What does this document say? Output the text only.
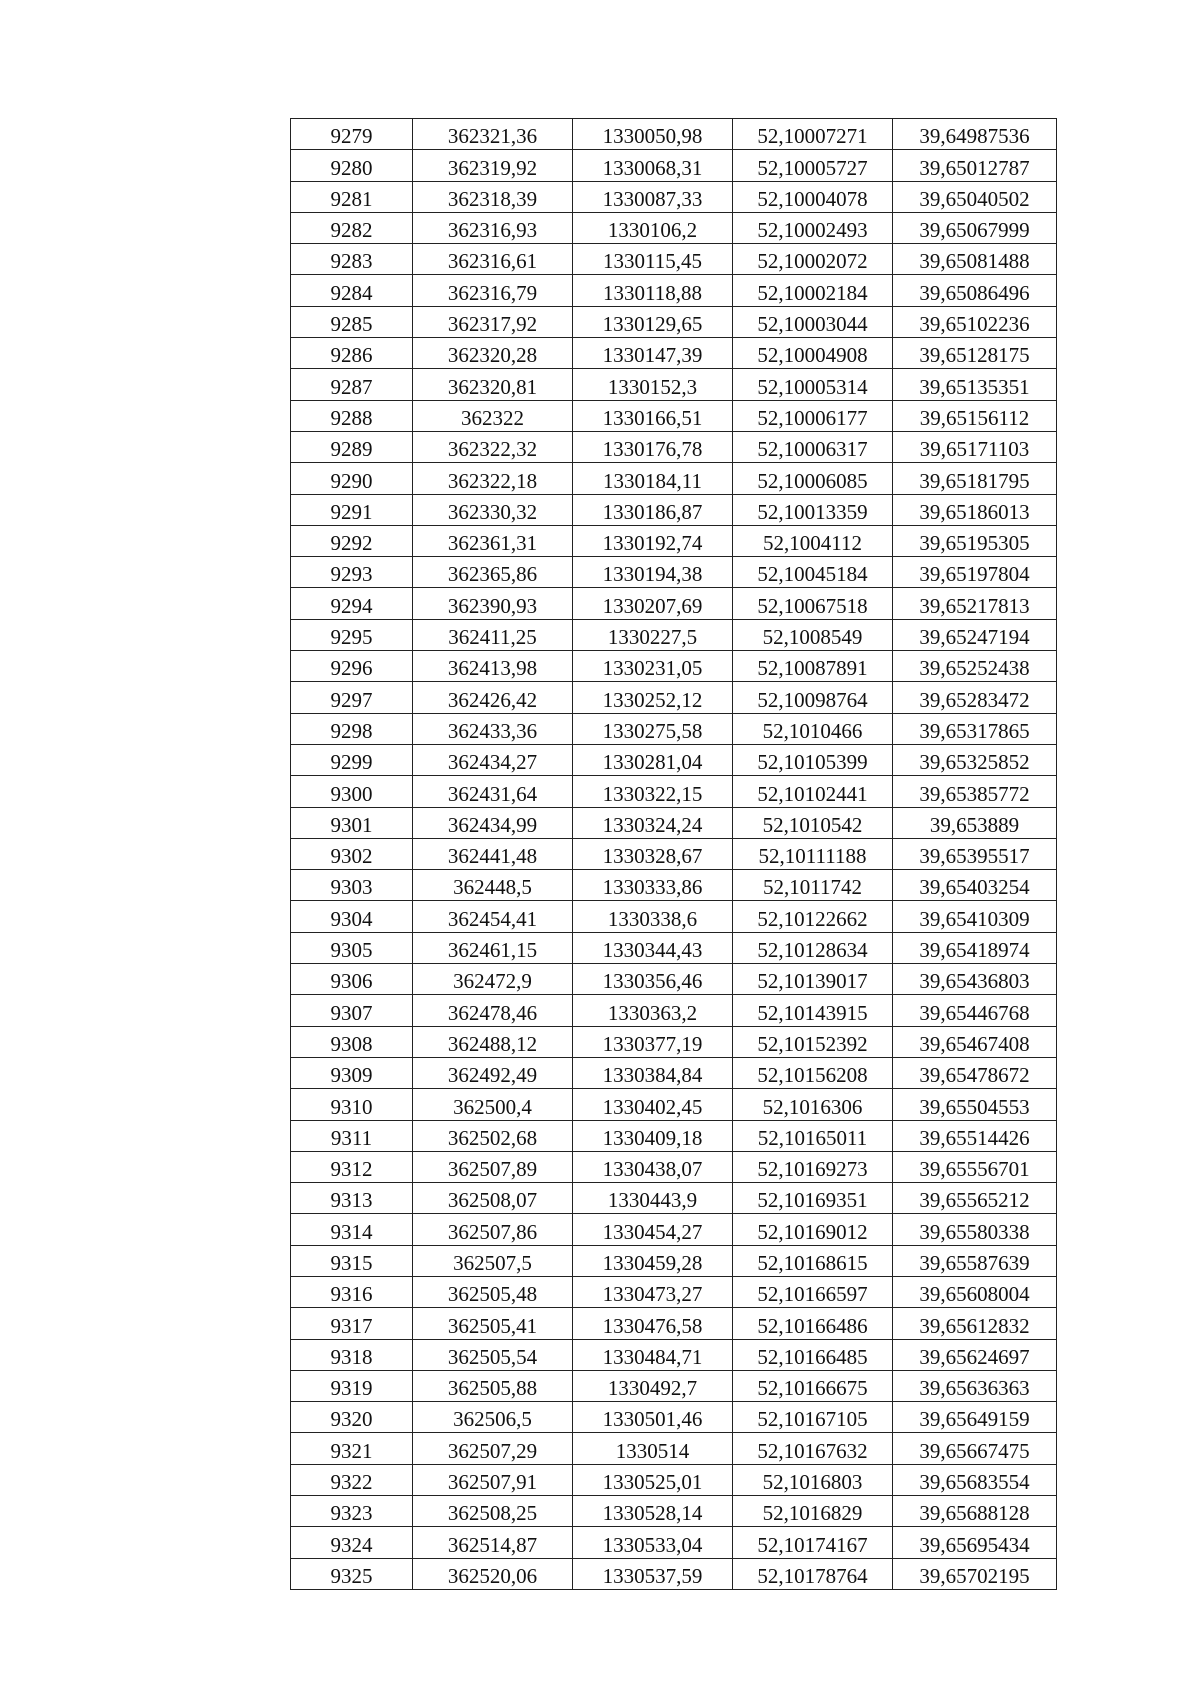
9279	362321,36	1330050,98	52,10007271	39,64987536
9280	362319,92	1330068,31	52,10005727	39,65012787
9281	362318,39	1330087,33	52,10004078	39,65040502
9282	362316,93	1330106,2	52,10002493	39,65067999
9283	362316,61	1330115,45	52,10002072	39,65081488
9284	362316,79	1330118,88	52,10002184	39,65086496
9285	362317,92	1330129,65	52,10003044	39,65102236
9286	362320,28	1330147,39	52,10004908	39,65128175
9287	362320,81	1330152,3	52,10005314	39,65135351
9288	362322	1330166,51	52,10006177	39,65156112
9289	362322,32	1330176,78	52,10006317	39,65171103
9290	362322,18	1330184,11	52,10006085	39,65181795
9291	362330,32	1330186,87	52,10013359	39,65186013
9292	362361,31	1330192,74	52,1004112	39,65195305
9293	362365,86	1330194,38	52,10045184	39,65197804
9294	362390,93	1330207,69	52,10067518	39,65217813
9295	362411,25	1330227,5	52,1008549	39,65247194
9296	362413,98	1330231,05	52,10087891	39,65252438
9297	362426,42	1330252,12	52,10098764	39,65283472
9298	362433,36	1330275,58	52,1010466	39,65317865
9299	362434,27	1330281,04	52,10105399	39,65325852
9300	362431,64	1330322,15	52,10102441	39,65385772
9301	362434,99	1330324,24	52,1010542	39,653889
9302	362441,48	1330328,67	52,10111188	39,65395517
9303	362448,5	1330333,86	52,1011742	39,65403254
9304	362454,41	1330338,6	52,10122662	39,65410309
9305	362461,15	1330344,43	52,10128634	39,65418974
9306	362472,9	1330356,46	52,10139017	39,65436803
9307	362478,46	1330363,2	52,10143915	39,65446768
9308	362488,12	1330377,19	52,10152392	39,65467408
9309	362492,49	1330384,84	52,10156208	39,65478672
9310	362500,4	1330402,45	52,1016306	39,65504553
9311	362502,68	1330409,18	52,10165011	39,65514426
9312	362507,89	1330438,07	52,10169273	39,65556701
9313	362508,07	1330443,9	52,10169351	39,65565212
9314	362507,86	1330454,27	52,10169012	39,65580338
9315	362507,5	1330459,28	52,10168615	39,65587639
9316	362505,48	1330473,27	52,10166597	39,65608004
9317	362505,41	1330476,58	52,10166486	39,65612832
9318	362505,54	1330484,71	52,10166485	39,65624697
9319	362505,88	1330492,7	52,10166675	39,65636363
9320	362506,5	1330501,46	52,10167105	39,65649159
9321	362507,29	1330514	52,10167632	39,65667475
9322	362507,91	1330525,01	52,1016803	39,65683554
9323	362508,25	1330528,14	52,1016829	39,65688128
9324	362514,87	1330533,04	52,10174167	39,65695434
9325	362520,06	1330537,59	52,10178764	39,65702195
